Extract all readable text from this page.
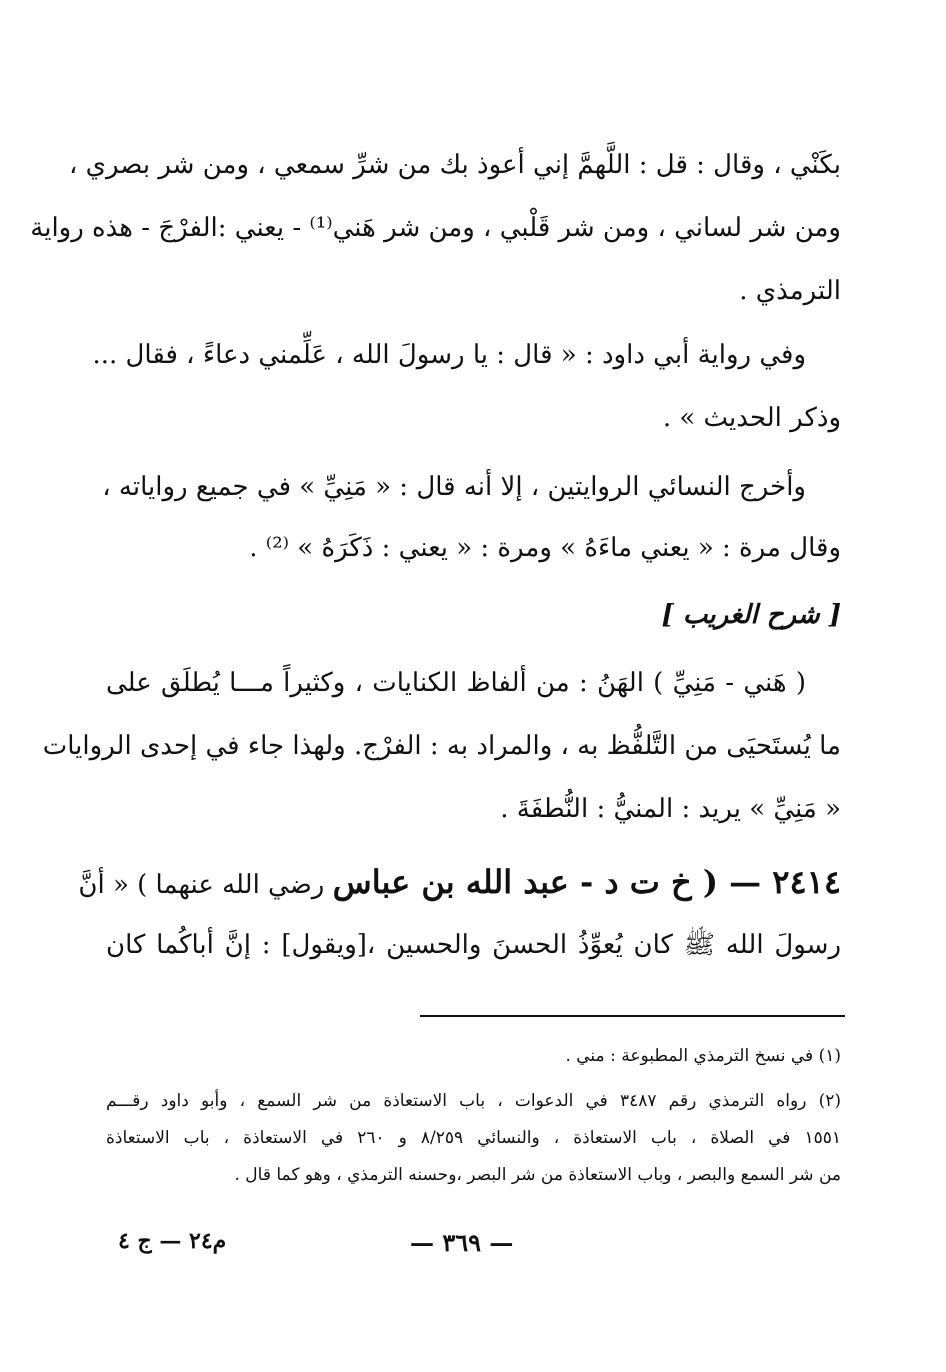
بكَنْي ، وقال : قل : اللَّهمَّ إني أعوذ بك من شرِّ سمعي ، ومن شر بصري ،
ومن شر لساني ، ومن شر قَلْبي ، ومن شر هَني⁽¹⁾ - يعني :الفرْجَ - هذه رواية
الترمذي .
وفي رواية أبي داود : « قال : يا رسولَ الله ، عَلِّمني دعاءً ، فقال ...
وذكر الحديث » .
وأخرج النسائي الروايتين ، إلا أنه قال : « مَنِيِّ » في جميع رواياته ،
وقال مرة : « يعني ماءَهُ » ومرة : « يعني : ذَكَرَهُ » ⁽²⁾ .
[ شرح الغريب ]
( هَني - مَنِيِّ ) الهَنُ : من ألفاظ الكنايات ، وكثيراً مـــا يُطلَق على
ما يُستَحيَى من التَّلفُّظ به ، والمراد به : الفرْج. ولهذا جاء في إحدى الروايات
« مَنِيِّ » يريد : المنيُّ : النُّطفَةَ .
٢٤١٤ — ( خ ت د - عبد الله بن عباس رضي الله عنهما ) « أنَّ
رسولَ الله ﷺ كان يُعوِّذُ الحسنَ والحسين ،[ويقول] : إنَّ أباكُما كان
(١) في نسخ الترمذي المطبوعة : مني .
(٢) رواه الترمذي رقم ٣٤٨٧ في الدعوات ، باب الاستعاذة من شر السمع ، وأبو داود رقـــم
١٥٥١ في الصلاة ، باب الاستعاذة ، والنسائي ٨/٢٥٩ و ٢٦٠ في الاستعاذة ، باب الاستعاذة
من شر السمع والبصر ، وباب الاستعاذة من شر البصر ،وحسنه الترمذي ، وهو كما قال .
— ٣٦٩ —
م٢٤ — ج ٤
